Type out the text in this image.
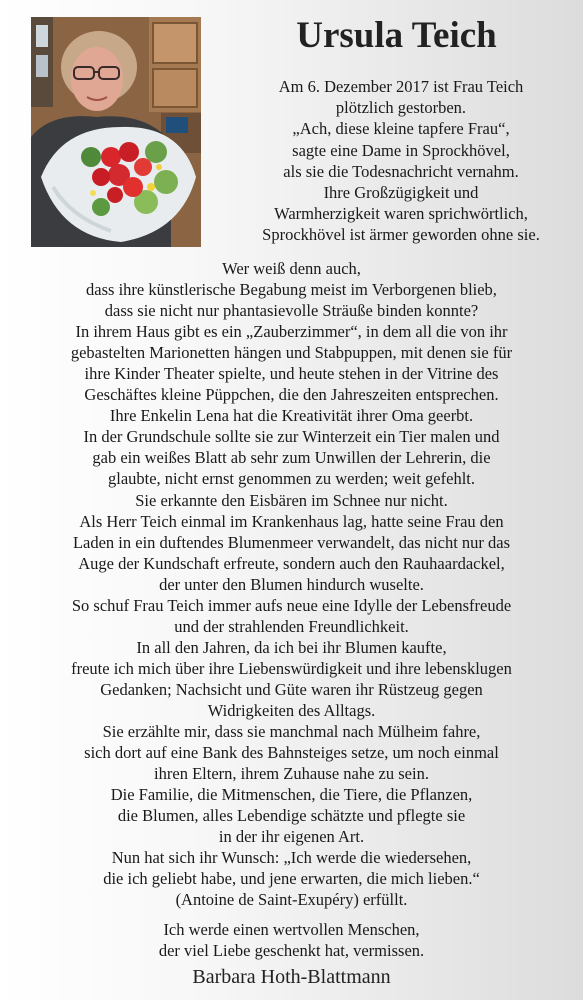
Ursula Teich
Am 6. Dezember 2017 ist Frau Teich
plötzlich gestorben.
„Ach, diese kleine tapfere Frau“,
sagte eine Dame in Sprockhövel,
als sie die Todesnachricht vernahm.
Ihre Großzügigkeit und
Warmherzigkeit waren sprichwörtlich,
Sprockhövel ist ärmer geworden ohne sie.
Wer weiß denn auch,
dass ihre künstlerische Begabung meist im Verborgenen blieb,
dass sie nicht nur phantasievolle Sträuße binden konnte?
In ihrem Haus gibt es ein „Zauberzimmer“, in dem all die von ihr
gebastelten Marionetten hängen und Stabpuppen, mit denen sie für
ihre Kinder Theater spielte, und heute stehen in der Vitrine des
Geschäftes kleine Püppchen, die den Jahreszeiten entsprechen.
Ihre Enkelin Lena hat die Kreativität ihrer Oma geerbt.
In der Grundschule sollte sie zur Winterzeit ein Tier malen und
gab ein weißes Blatt ab sehr zum Unwillen der Lehrerin, die
glaubte, nicht ernst genommen zu werden; weit gefehlt.
Sie erkannte den Eisbären im Schnee nur nicht.
Als Herr Teich einmal im Krankenhaus lag, hatte seine Frau den
Laden in ein duftendes Blumenmeer verwandelt, das nicht nur das
Auge der Kundschaft erfreute, sondern auch den Rauhaardackel,
der unter den Blumen hindurch wuselte.
So schuf Frau Teich immer aufs neue eine Idylle der Lebensfreude
und der strahlenden Freundlichkeit.
In all den Jahren, da ich bei ihr Blumen kaufte,
freute ich mich über ihre Liebenswürdigkeit und ihre lebensklugen
Gedanken; Nachsicht und Güte waren ihr Rüstzeug gegen
Widrigkeiten des Alltags.
Sie erzählte mir, dass sie manchmal nach Mülheim fahre,
sich dort auf eine Bank des Bahnsteiges setze, um noch einmal
ihren Eltern, ihrem Zuhause nahe zu sein.
Die Familie, die Mitmenschen, die Tiere, die Pflanzen,
die Blumen, alles Lebendige schätzte und pflegte sie
in der ihr eigenen Art.
Nun hat sich ihr Wunsch: „Ich werde die wiedersehen,
die ich geliebt habe, und jene erwarten, die mich lieben.“
(Antoine de Saint-Exupéry) erfüllt.
Ich werde einen wertvollen Menschen,
der viel Liebe geschenkt hat, vermissen.
Barbara Hoth-Blattmann
